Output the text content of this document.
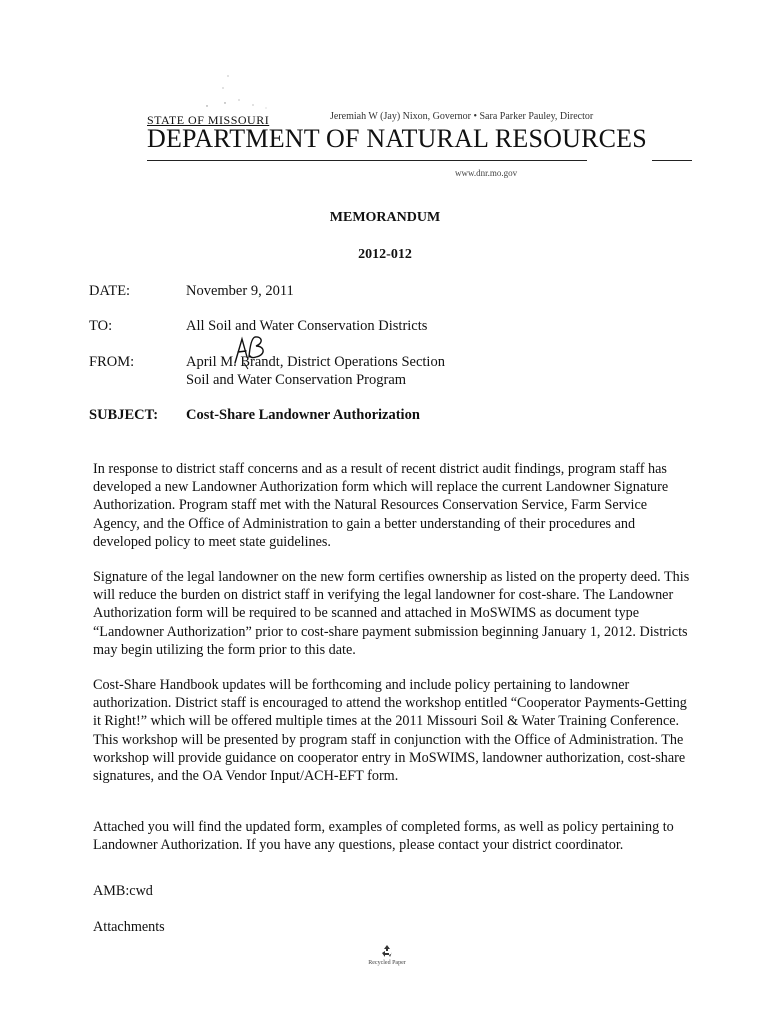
STATE OF MISSOURI	Jeremiah W (Jay) Nixon, Governor • Sara Parker Pauley, Director
DEPARTMENT OF NATURAL RESOURCES
www.dnr.mo.gov
MEMORANDUM
2012-012
DATE:	November 9, 2011
TO:	All Soil and Water Conservation Districts
FROM:	April M. Brandt, District Operations Section
Soil and Water Conservation Program
SUBJECT: Cost-Share Landowner Authorization

In response to district staff concerns and as a result of recent district audit findings, program staff has developed a new Landowner Authorization form which will replace the current Landowner Signature Authorization. Program staff met with the Natural Resources Conservation Service, Farm Service Agency, and the Office of Administration to gain a better understanding of their procedures and developed policy to meet state guidelines.

Signature of the legal landowner on the new form certifies ownership as listed on the property deed. This will reduce the burden on district staff in verifying the legal landowner for cost-share. The Landowner Authorization form will be required to be scanned and attached in MoSWIMS as document type “Landowner Authorization” prior to cost-share payment submission beginning January 1, 2012. Districts may begin utilizing the form prior to this date.

Cost-Share Handbook updates will be forthcoming and include policy pertaining to landowner authorization. District staff is encouraged to attend the workshop entitled “Cooperator Payments-Getting it Right!” which will be offered multiple times at the 2011 Missouri Soil & Water Training Conference. This workshop will be presented by program staff in conjunction with the Office of Administration. The workshop will provide guidance on cooperator entry in MoSWIMS, landowner authorization, cost-share signatures, and the OA Vendor Input/ACH-EFT form.

Attached you will find the updated form, examples of completed forms, as well as policy pertaining to Landowner Authorization. If you have any questions, please contact your district coordinator.

AMB:cwd
Attachments
Recycled Paper
